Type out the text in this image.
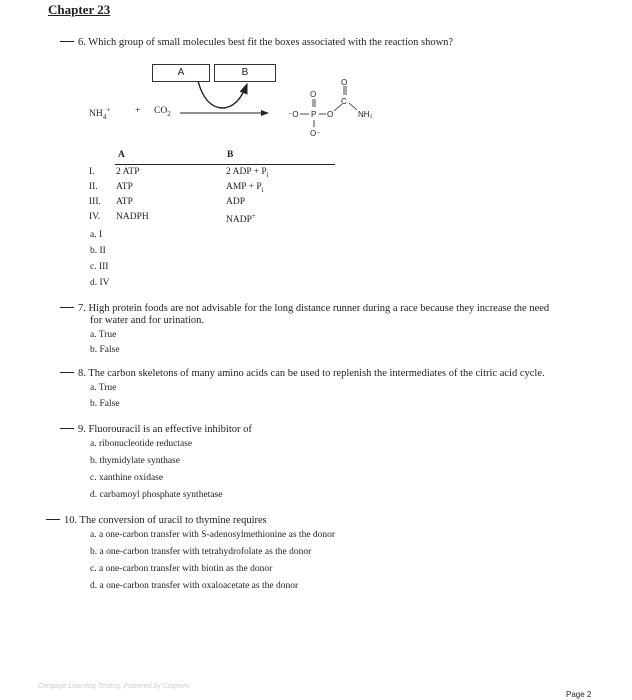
Chapter 23
6. Which group of small molecules best fit the boxes associated with the reaction shown?
A	B
$NH_4^+$	+ $CO_2$	⁻O P O
O
O⁻
C
O
NH₂
A	B
I. 2 ATP	2 ADP + $P_i$
II. ATP	AMP + $P_i$
III. ATP	ADP
IV. NADPH	NADP+
a. I
b. II
c. III
d. IV
7. High protein foods are not advisable for the long distance runner during a race because they increase the need
for water and for urination.
a. True
b. False
8. The carbon skeletons of many amino acids can be used to replenish the intermediates of the citric acid cycle.
a. True
b. False
9. Fluorouracil is an effective inhibitor of
a. ribonucleotide reductase
b. thymidylate synthase
c. xanthine oxidase
d. carbamoyl phosphate synthetase
10. The conversion of uracil to thymine requires
a. a one-carbon transfer with S-adenosylmethionine as the donor
b. a one-carbon transfer with tetrahydrofolate as the donor
c. a one-carbon transfer with biotin as the donor
d. a one-carbon transfer with oxaloacetate as the donor
Cengage Learning Testing, Powered by Cognero
Page 2
